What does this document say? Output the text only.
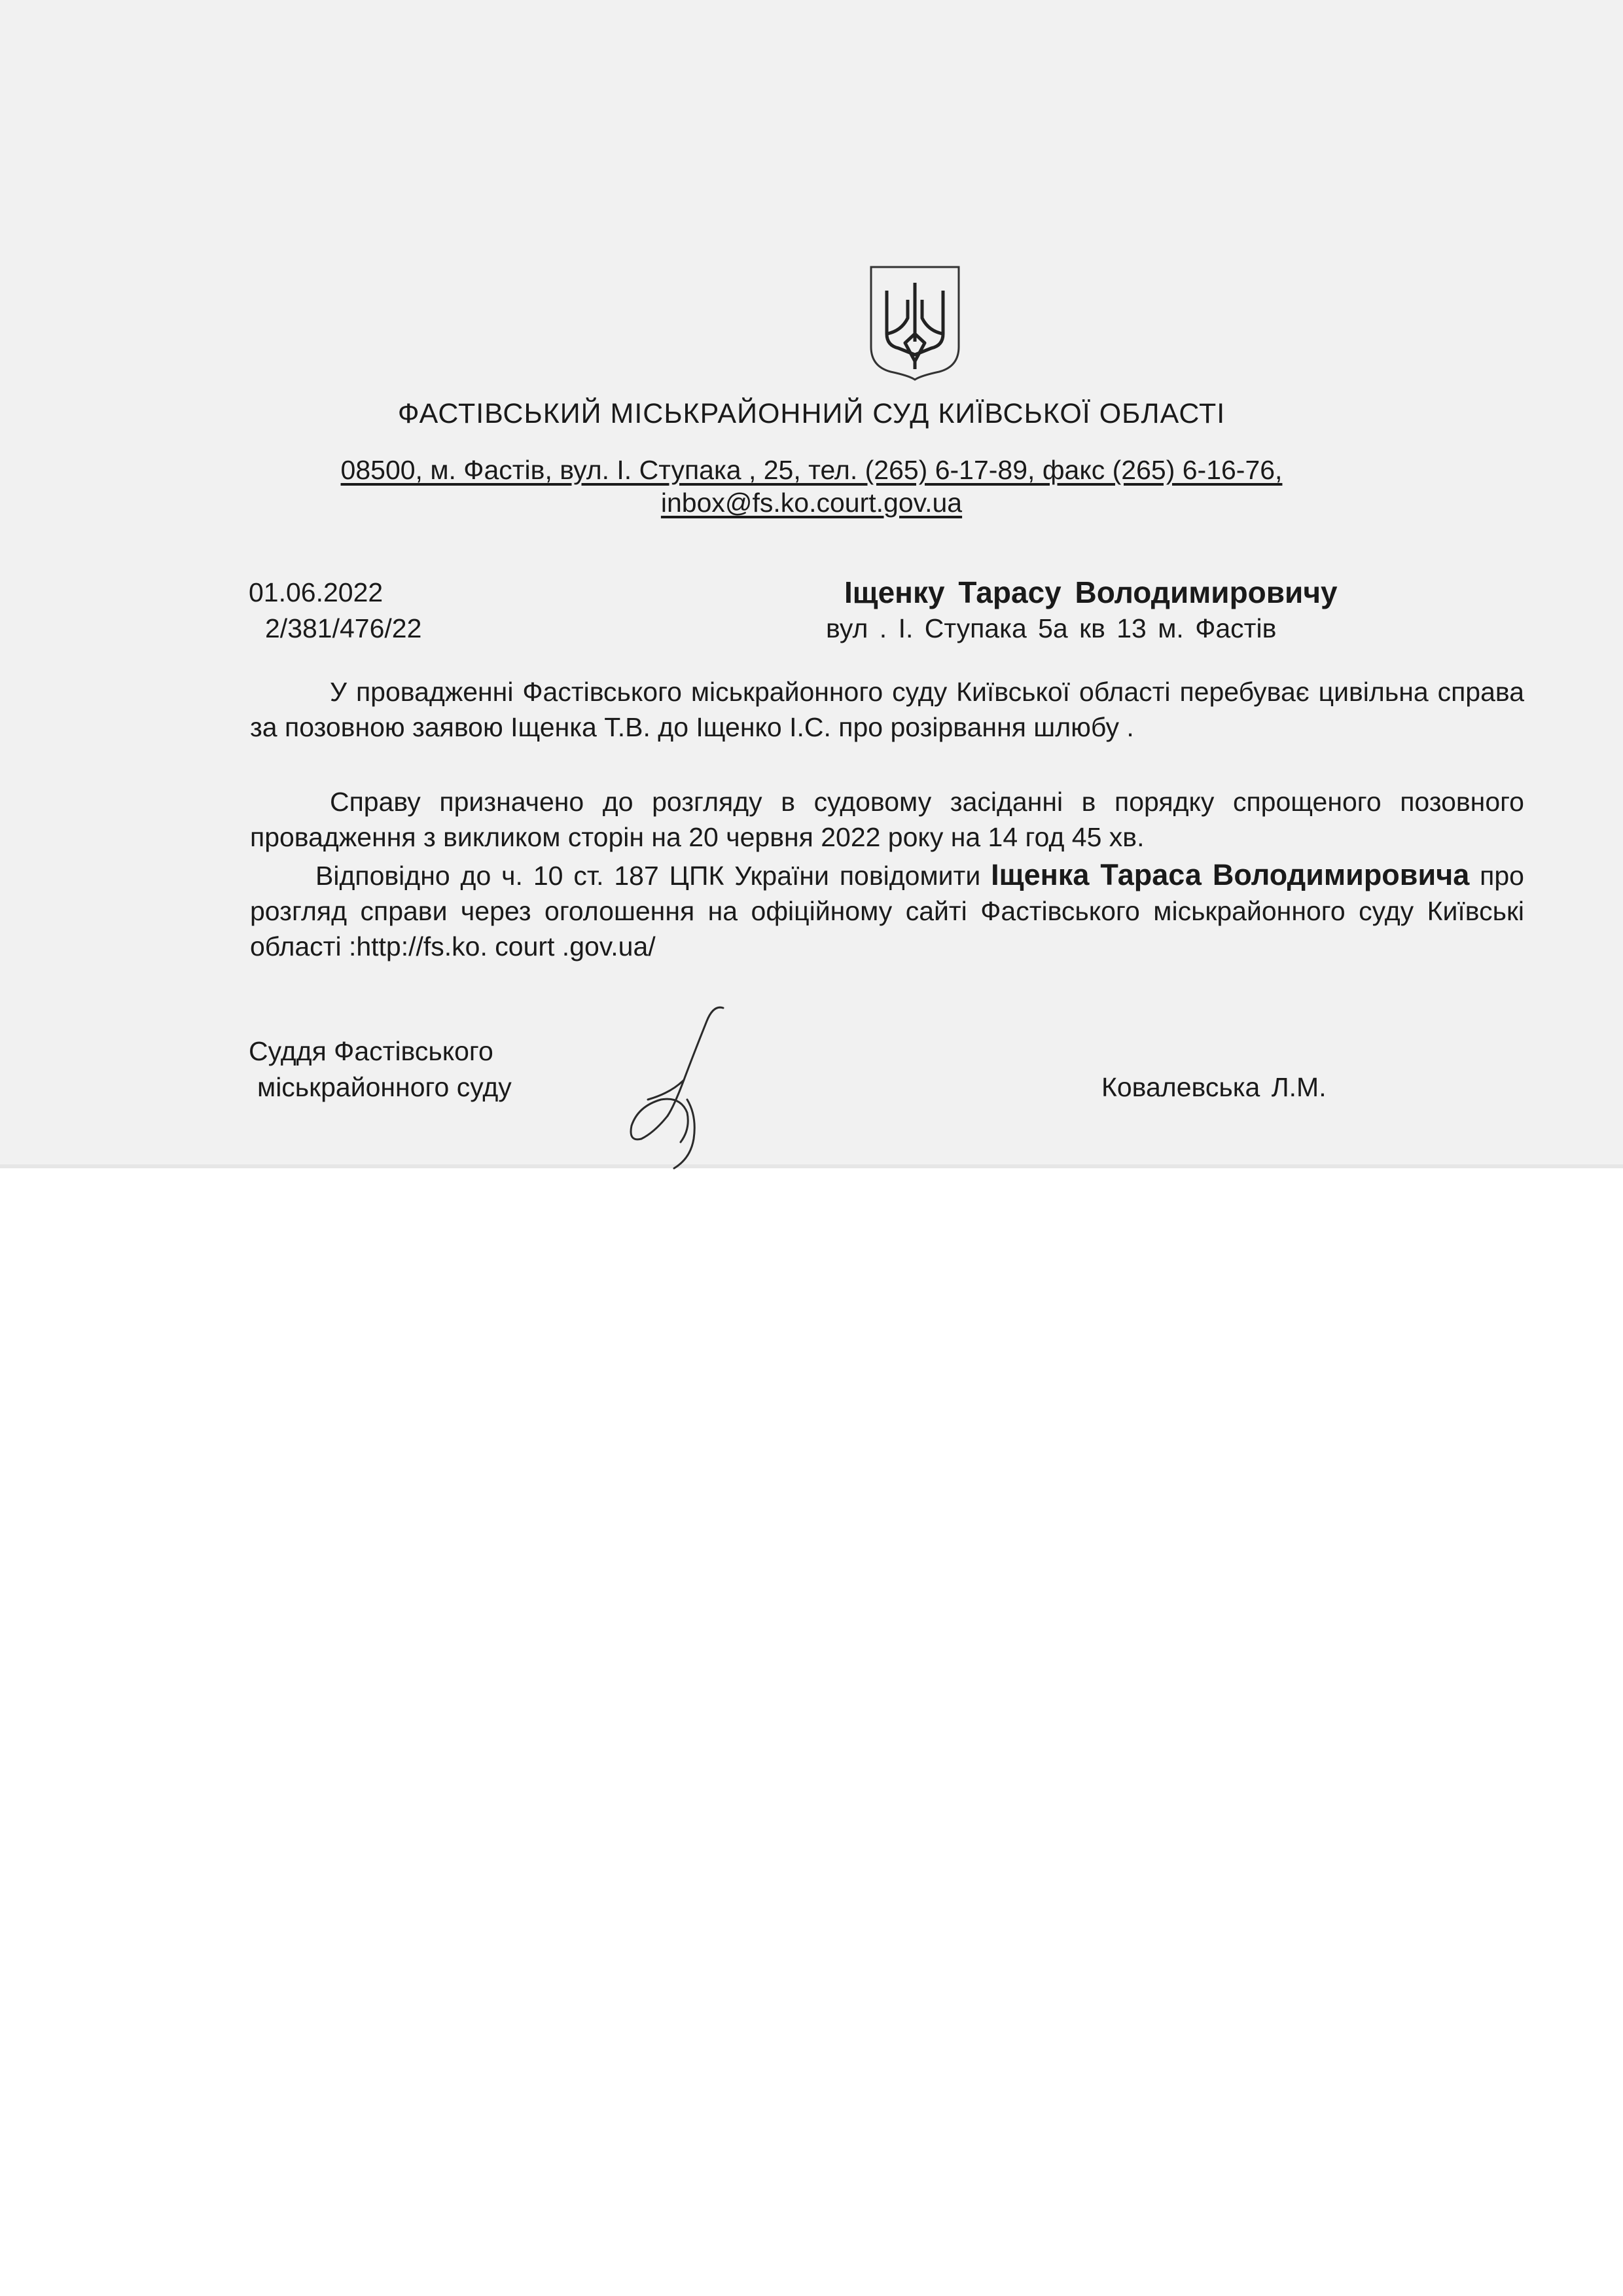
ФАСТІВСЬКИЙ МІСЬКРАЙОННИЙ СУД КИЇВСЬКОЇ ОБЛАСТІ
08500, м. Фастів, вул. І. Ступака , 25, тел. (265) 6-17-89, факс (265) 6-16-76,
inbox@fs.ko.court.gov.ua
01.06.2022
2/381/476/22
Іщенку Тарасу Володимировичу
вул . І. Ступака 5а кв 13 м. Фастів
У провадженні Фастівського міськрайонного суду Київської області перебуває цивільна справа за позовною заявою Іщенка Т.В. до Іщенко І.С. про розірвання шлюбу .
Справу призначено до розгляду в судовому засіданні в порядку спрощеного позовного провадження з викликом сторін на 20 червня 2022 року на 14 год 45 хв.
Відповідно до ч. 10 ст. 187 ЦПК України повідомити Іщенка Тараса Володимировича про розгляд справи через оголошення на офіційному сайті Фастівського міськрайонного суду Київські області :http://fs.ko. court .gov.ua/
Суддя Фастівського
міськрайонного суду	Ковалевська Л.М.
